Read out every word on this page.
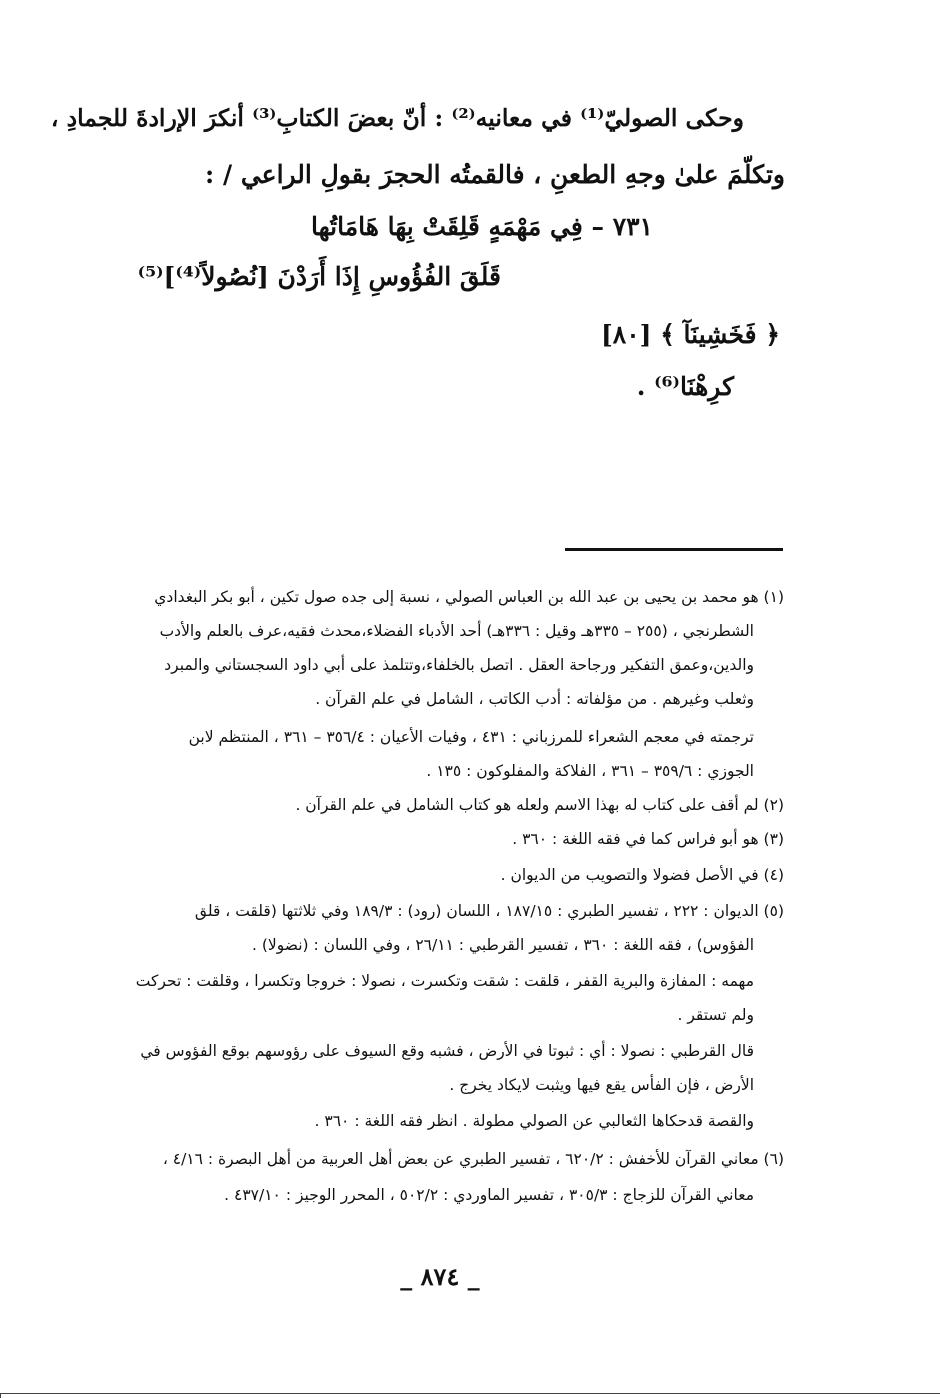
وحكى الصوليّ⁽¹⁾ في معانيه⁽²⁾ : أنّ بعضَ الكتابِ⁽³⁾ أنكرَ الإرادةَ للجمادِ ،
وتكلّمَ علىٰ وجهِ الطعنِ ، فالقمتُه الحجرَ بقولِ الراعي / :
٧٣١ – فِي مَهْمَهٍ قَلِقَتْ بِهَا هَامَاتُها
قَلَقَ الفُؤُوسِ إِذَا أَرَدْنَ [نُصُولاً⁽⁴⁾]⁽⁵⁾
﴿ فَخَشِينَآ ﴾ [٨٠]
كرِهْنَا⁽⁶⁾ .
(١) هو محمد بن يحيى بن عبد الله بن العباس الصولي ، نسبة إلى جده صول تكين ، أبو بكر البغدادي
الشطرنجي ، (٢٥٥ – ٣٣٥هـ وقيل : ٣٣٦هـ) أحد الأدباء الفضلاء،محدث فقيه،عرف بالعلم والأدب
والدين،وعمق التفكير ورجاحة العقل . اتصل بالخلفاء،وتتلمذ على أبي داود السجستاني والمبرد
وثعلب وغيرهم . من مؤلفاته : أدب الكاتب ، الشامل في علم القرآن .
ترجمته في معجم الشعراء للمرزباني : ٤٣١ ، وفيات الأعيان : ٣٥٦/٤ – ٣٦١ ، المنتظم لابن
الجوزي : ٣٥٩/٦ – ٣٦١ ، الفلاكة والمفلوكون : ١٣٥ .
(٢) لم أقف على كتاب له بهذا الاسم ولعله هو كتاب الشامل في علم القرآن .
(٣) هو أبو فراس كما في فقه اللغة : ٣٦٠ .
(٤) في الأصل فضولا والتصويب من الديوان .
(٥) الديوان : ٢٢٢ ، تفسير الطبري : ١٨٧/١٥ ، اللسان (رود) : ١٨٩/٣ وفي ثلاثتها (قلقت ، قلق
الفؤوس) ، فقه اللغة : ٣٦٠ ، تفسير القرطبي : ٢٦/١١ ، وفي اللسان : (نضولا) .
مهمه : المفازة والبرية القفر ، قلقت : شقت وتكسرت ، نصولا : خروجا وتكسرا ، وقلقت : تحركت
ولم تستقر .
قال القرطبي : نصولا : أي : ثبوتا في الأرض ، فشبه وقع السيوف على رؤوسهم بوقع الفؤوس في
الأرض ، فإن الفأس يقع فيها ويثبت لايكاد يخرج .
والقصة قدحكاها الثعالبي عن الصولي مطولة . انظر فقه اللغة : ٣٦٠ .
(٦) معاني القرآن للأخفش : ٦٢٠/٢ ، تفسير الطبري عن بعض أهل العربية من أهل البصرة : ٤/١٦ ،
معاني القرآن للزجاج : ٣٠٥/٣ ، تفسير الماوردي : ٥٠٢/٢ ، المحرر الوجيز : ٤٣٧/١٠ .
_ ٨٧٤ _
